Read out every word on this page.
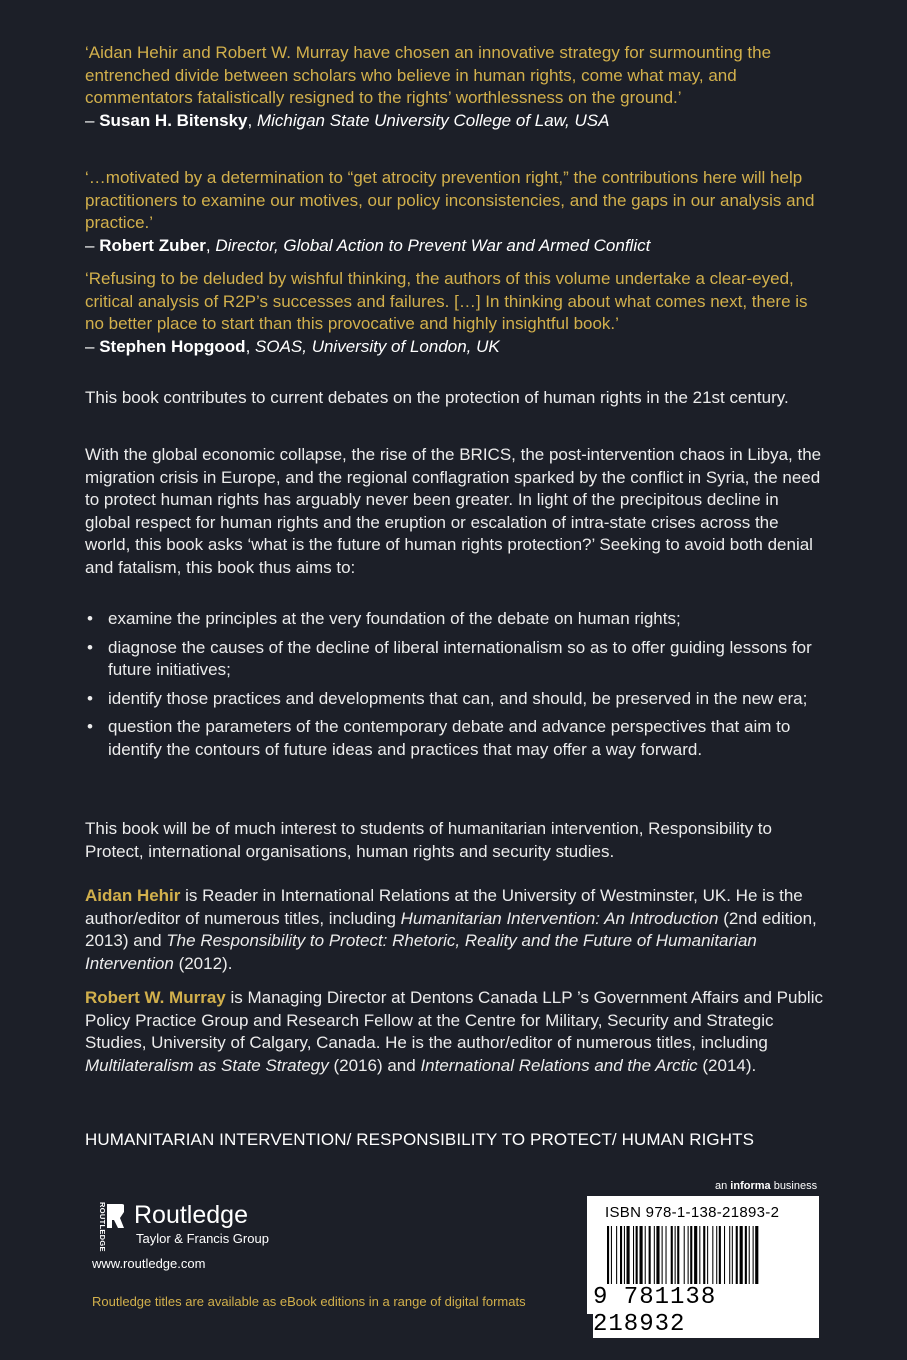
‘Aidan Hehir and Robert W. Murray have chosen an innovative strategy for surmounting the entrenched divide between scholars who believe in human rights, come what may, and commentators fatalistically resigned to the rights’ worthlessness on the ground.’
– Susan H. Bitensky, Michigan State University College of Law, USA
‘…motivated by a determination to “get atrocity prevention right,” the contributions here will help practitioners to examine our motives, our policy inconsistencies, and the gaps in our analysis and practice.’
– Robert Zuber, Director, Global Action to Prevent War and Armed Conflict
‘Refusing to be deluded by wishful thinking, the authors of this volume undertake a clear-eyed, critical analysis of R2P’s successes and failures. […] In thinking about what comes next, there is no better place to start than this provocative and highly insightful book.’
– Stephen Hopgood, SOAS, University of London, UK

This book contributes to current debates on the protection of human rights in the 21st century.

With the global economic collapse, the rise of the BRICS, the post-intervention chaos in Libya, the migration crisis in Europe, and the regional conflagration sparked by the conflict in Syria, the need to protect human rights has arguably never been greater. In light of the precipitous decline in global respect for human rights and the eruption or escalation of intra-state crises across the world, this book asks ‘what is the future of human rights protection?’ Seeking to avoid both denial and fatalism, this book thus aims to:

• examine the principles at the very foundation of the debate on human rights;
• diagnose the causes of the decline of liberal internationalism so as to offer guiding lessons for future initiatives;
• identify those practices and developments that can, and should, be preserved in the new era;
• question the parameters of the contemporary debate and advance perspectives that aim to identify the contours of future ideas and practices that may offer a way forward.

This book will be of much interest to students of humanitarian intervention, Responsibility to Protect, international organisations, human rights and security studies.

Aidan Hehir is Reader in International Relations at the University of Westminster, UK. He is the author/editor of numerous titles, including Humanitarian Intervention: An Introduction (2nd edition, 2013) and The Responsibility to Protect: Rhetoric, Reality and the Future of Humanitarian Intervention (2012).

Robert W. Murray is Managing Director at Dentons Canada LLP ’s Government Affairs and Public Policy Practice Group and Research Fellow at the Centre for Military, Security and Strategic Studies, University of Calgary, Canada. He is the author/editor of numerous titles, including Multilateralism as State Strategy (2016) and International Relations and the Arctic (2014).

HUMANITARIAN INTERVENTION/ RESPONSIBILITY TO PROTECT/ HUMAN RIGHTS
ROUTLEDGE Routledge
Taylor & Francis Group
www.routledge.com
Routledge titles are available as eBook editions in a range of digital formats
an informa business
ISBN 978-1-138-21893-2
9 781138 218932
